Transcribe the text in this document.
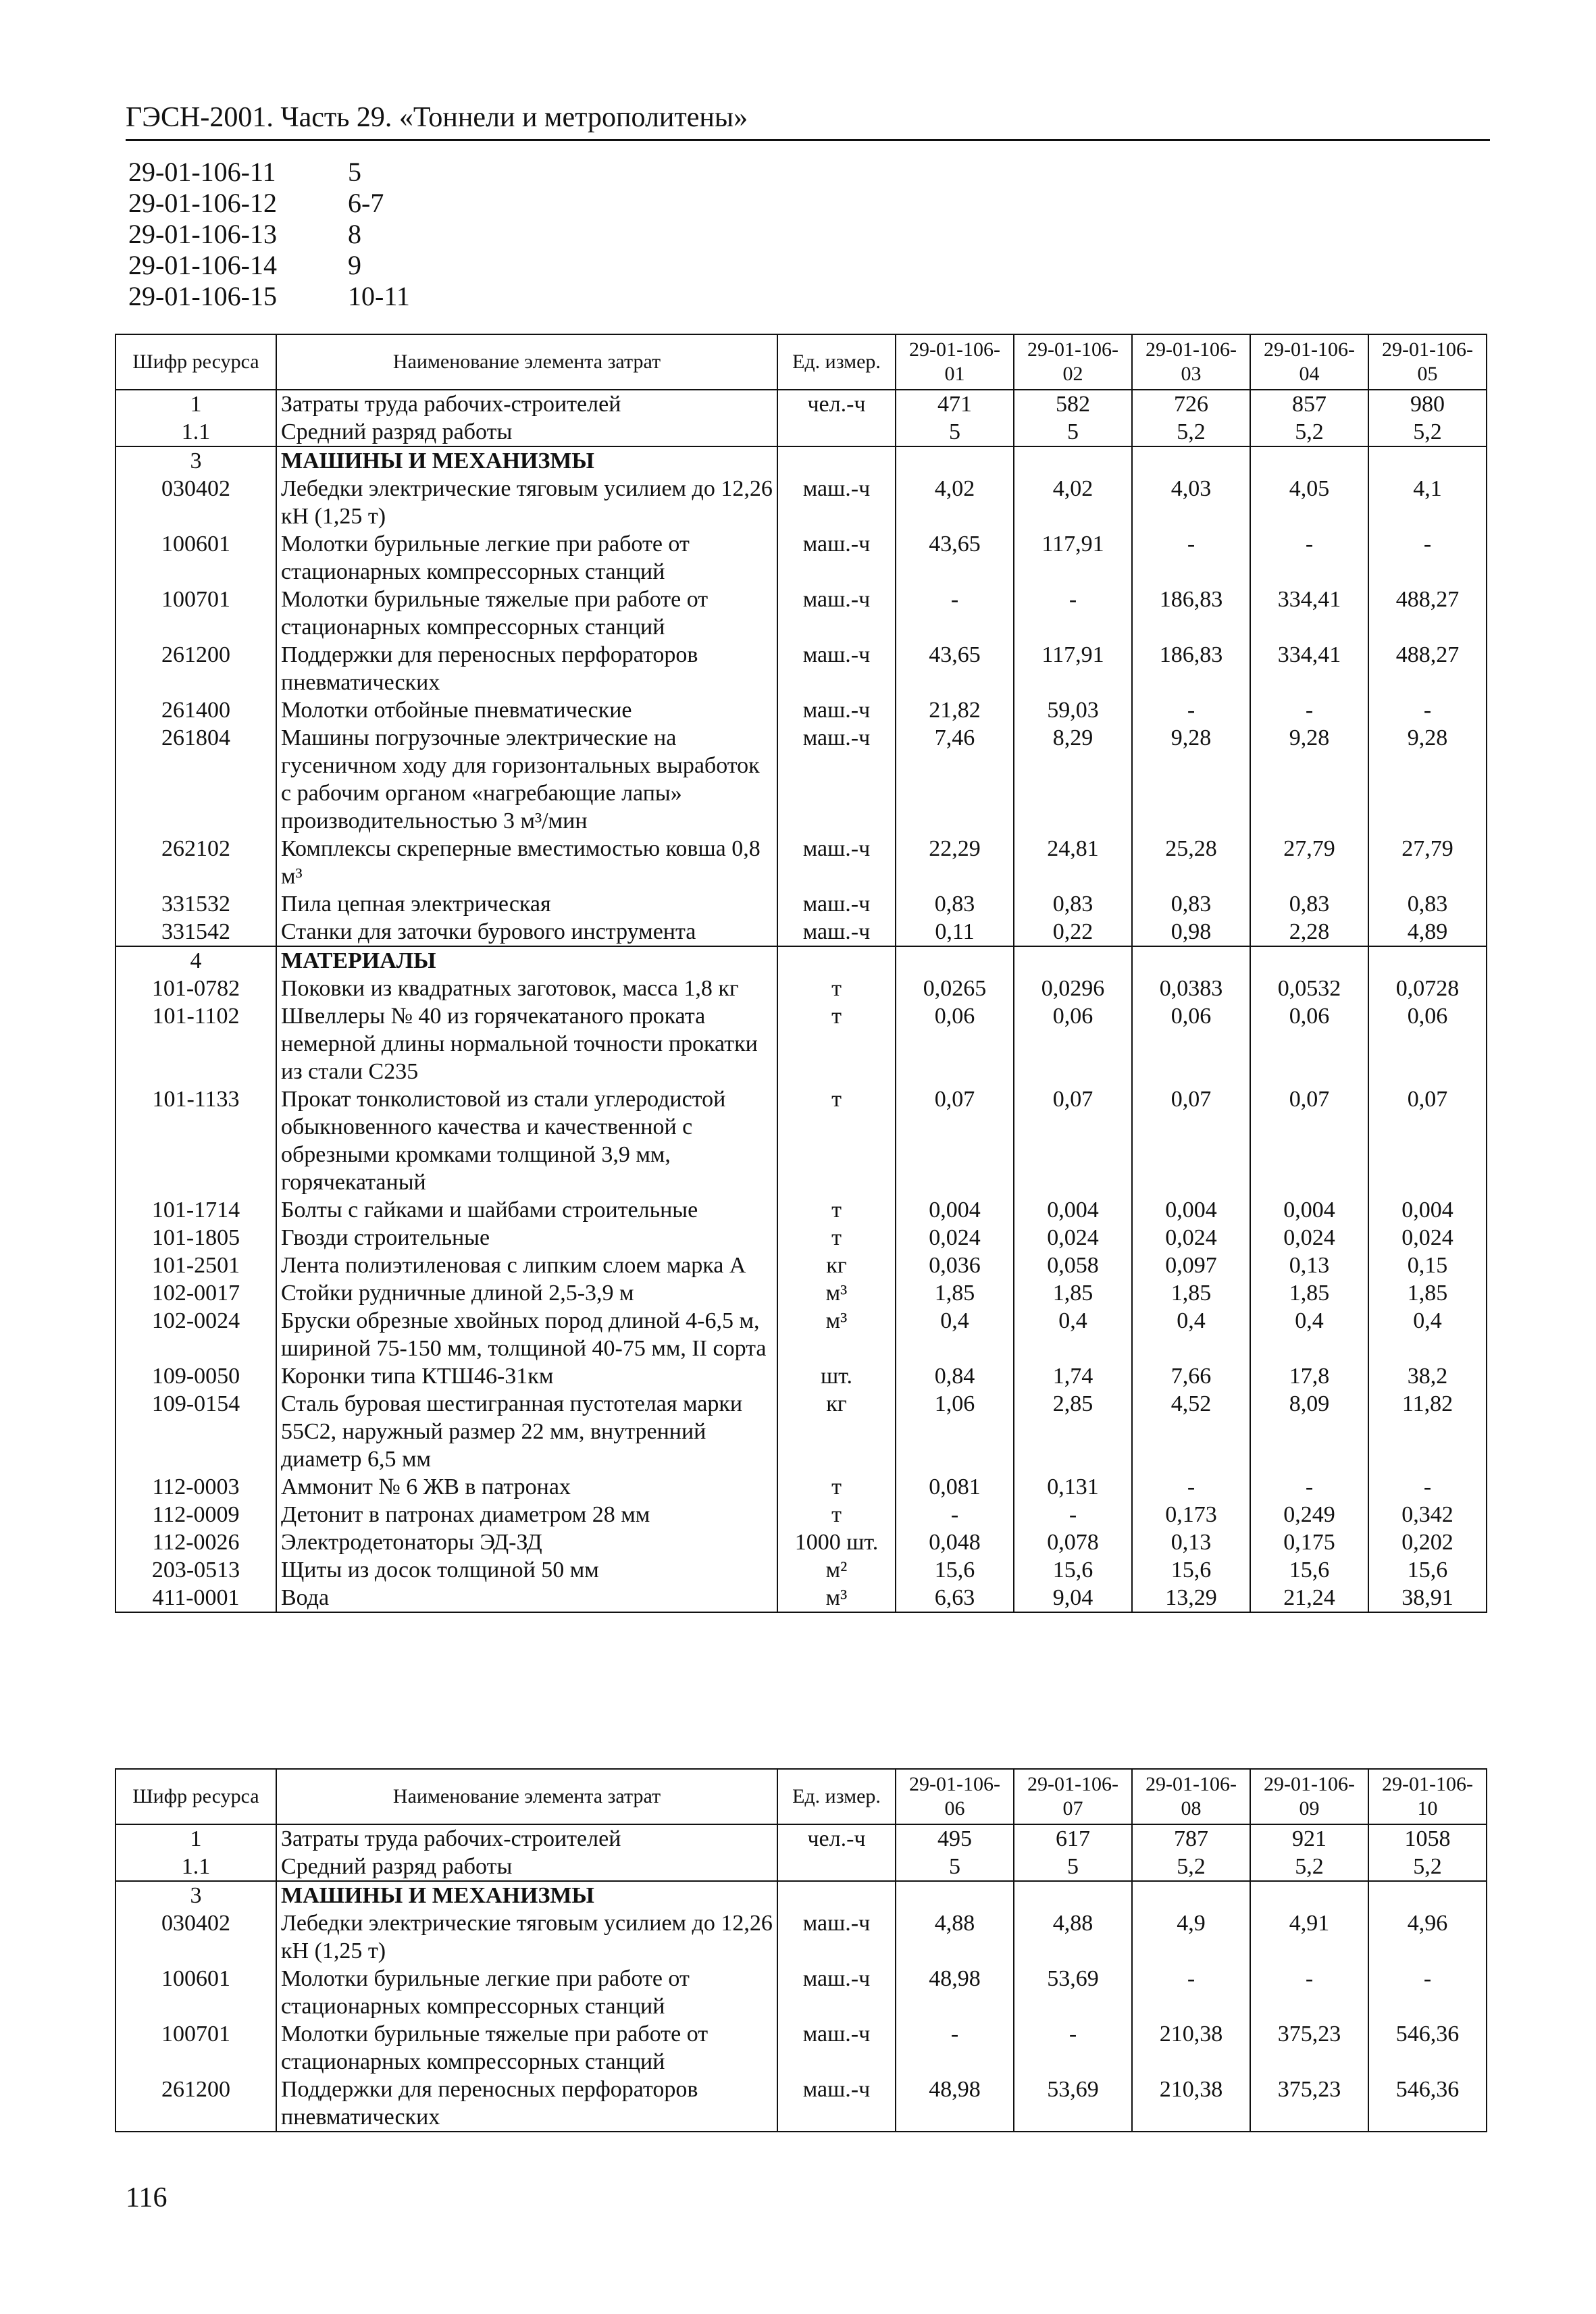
ГЭСН-2001. Часть 29. «Тоннели и метрополитены»
29-01-106-11	5
29-01-106-12	6-7
29-01-106-13	8
29-01-106-14	9
29-01-106-15	10-11
Шифр ресурса	Наименование элемента затрат	Ед. измер.	29-01-106-01	29-01-106-02	29-01-106-03	29-01-106-04	29-01-106-05
1	Затраты труда рабочих-строителей	чел.-ч	471	582	726	857	980
1.1	Средний разряд работы		5	5	5,2	5,2	5,2
3	МАШИНЫ И МЕХАНИЗМЫ						
030402	Лебедки электрические тяговым усилием до 12,26 кН (1,25 т)	маш.-ч	4,02	4,02	4,03	4,05	4,1
100601	Молотки бурильные легкие при работе от стационарных компрессорных станций	маш.-ч	43,65	117,91	-	-	-
100701	Молотки бурильные тяжелые при работе от стационарных компрессорных станций	маш.-ч	-	-	186,83	334,41	488,27
261200	Поддержки для переносных перфораторов пневматических	маш.-ч	43,65	117,91	186,83	334,41	488,27
261400	Молотки отбойные пневматические	маш.-ч	21,82	59,03	-	-	-
261804	Машины погрузочные электрические на гусеничном ходу для горизонтальных выработок с рабочим органом «нагребающие лапы» производительностью 3 м³/мин	маш.-ч	7,46	8,29	9,28	9,28	9,28
262102	Комплексы скреперные вместимостью ковша 0,8 м³	маш.-ч	22,29	24,81	25,28	27,79	27,79
331532	Пила цепная электрическая	маш.-ч	0,83	0,83	0,83	0,83	0,83
331542	Станки для заточки бурового инструмента	маш.-ч	0,11	0,22	0,98	2,28	4,89
4	МАТЕРИАЛЫ						
101-0782	Поковки из квадратных заготовок, масса 1,8 кг	т	0,0265	0,0296	0,0383	0,0532	0,0728
101-1102	Швеллеры № 40 из горячекатаного проката немерной длины нормальной точности прокатки из стали С235	т	0,06	0,06	0,06	0,06	0,06
101-1133	Прокат тонколистовой из стали углеродистой обыкновенного качества и качественной с обрезными кромками толщиной 3,9 мм, горячекатаный	т	0,07	0,07	0,07	0,07	0,07
101-1714	Болты с гайками и шайбами строительные	т	0,004	0,004	0,004	0,004	0,004
101-1805	Гвозди строительные	т	0,024	0,024	0,024	0,024	0,024
101-2501	Лента полиэтиленовая с липким слоем марка А	кг	0,036	0,058	0,097	0,13	0,15
102-0017	Стойки рудничные длиной 2,5-3,9 м	м³	1,85	1,85	1,85	1,85	1,85
102-0024	Бруски обрезные хвойных пород длиной 4-6,5 м, шириной 75-150 мм, толщиной 40-75 мм, II сорта	м³	0,4	0,4	0,4	0,4	0,4
109-0050	Коронки типа КТШ46-31км	шт.	0,84	1,74	7,66	17,8	38,2
109-0154	Сталь буровая шестигранная пустотелая марки 55С2, наружный размер 22 мм, внутренний диаметр 6,5 мм	кг	1,06	2,85	4,52	8,09	11,82
112-0003	Аммонит № 6 ЖВ в патронах	т	0,081	0,131	-	-	-
112-0009	Детонит в патронах диаметром 28 мм	т	-	-	0,173	0,249	0,342
112-0026	Электродетонаторы ЭД-ЗД	1000 шт.	0,048	0,078	0,13	0,175	0,202
203-0513	Щиты из досок толщиной 50 мм	м²	15,6	15,6	15,6	15,6	15,6
411-0001	Вода	м³	6,63	9,04	13,29	21,24	38,91
Шифр ресурса	Наименование элемента затрат	Ед. измер.	29-01-106-06	29-01-106-07	29-01-106-08	29-01-106-09	29-01-106-10
1	Затраты труда рабочих-строителей	чел.-ч	495	617	787	921	1058
1.1	Средний разряд работы		5	5	5,2	5,2	5,2
3	МАШИНЫ И МЕХАНИЗМЫ						
030402	Лебедки электрические тяговым усилием до 12,26 кН (1,25 т)	маш.-ч	4,88	4,88	4,9	4,91	4,96
100601	Молотки бурильные легкие при работе от стационарных компрессорных станций	маш.-ч	48,98	53,69	-	-	-
100701	Молотки бурильные тяжелые при работе от стационарных компрессорных станций	маш.-ч	-	-	210,38	375,23	546,36
261200	Поддержки для переносных перфораторов пневматических	маш.-ч	48,98	53,69	210,38	375,23	546,36
116
